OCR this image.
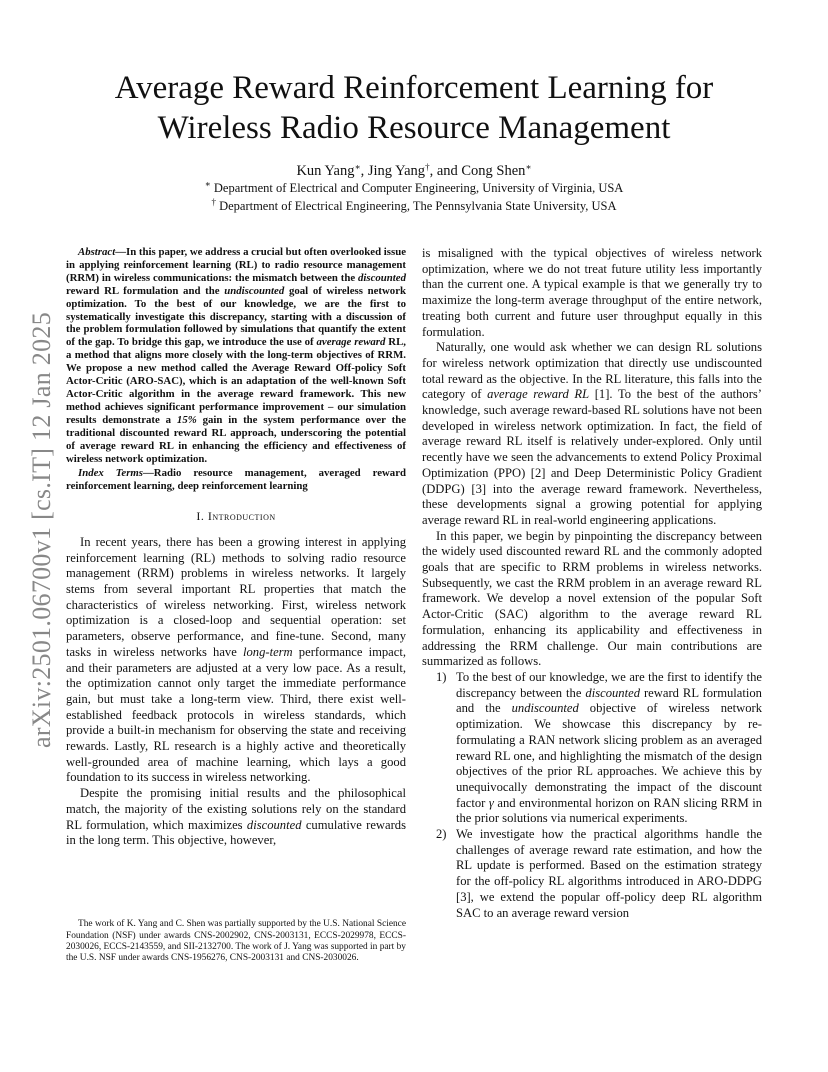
arXiv:2501.06700v1 [cs.IT] 12 Jan 2025
Average Reward Reinforcement Learning for
Wireless Radio Resource Management
Kun Yang∗, Jing Yang†, and Cong Shen∗
∗ Department of Electrical and Computer Engineering, University of Virginia, USA
† Department of Electrical Engineering, The Pennsylvania State University, USA

Abstract—In this paper, we address a crucial but often overlooked issue in applying reinforcement learning (RL) to radio resource management (RRM) in wireless communications: the mismatch between the discounted reward RL formulation and the undiscounted goal of wireless network optimization. To the best of our knowledge, we are the first to systematically investigate this discrepancy, starting with a discussion of the problem formulation followed by simulations that quantify the extent of the gap. To bridge this gap, we introduce the use of average reward RL, a method that aligns more closely with the long-term objectives of RRM. We propose a new method called the Average Reward Off-policy Soft Actor-Critic (ARO-SAC), which is an adaptation of the well-known Soft Actor-Critic algorithm in the average reward framework. This new method achieves significant performance improvement – our simulation results demonstrate a 15% gain in the system performance over the traditional discounted reward RL approach, underscoring the potential of average reward RL in enhancing the efficiency and effectiveness of wireless network optimization.

Index Terms—Radio resource management, averaged reward reinforcement learning, deep reinforcement learning

I. Introduction

In recent years, there has been a growing interest in applying reinforcement learning (RL) methods to solving radio resource management (RRM) problems in wireless networks. It largely stems from several important RL properties that match the characteristics of wireless networking. First, wireless network optimization is a closed-loop and sequential operation: set parameters, observe performance, and fine-tune. Second, many tasks in wireless networks have long-term performance impact, and their parameters are adjusted at a very low pace. As a result, the optimization cannot only target the immediate performance gain, but must take a long-term view. Third, there exist well-established feedback protocols in wireless standards, which provide a built-in mechanism for observing the state and receiving rewards. Lastly, RL research is a highly active and theoretically well-grounded area of machine learning, which lays a good foundation to its success in wireless networking.

Despite the promising initial results and the philosophical match, the majority of the existing solutions rely on the standard RL formulation, which maximizes discounted cumulative rewards in the long term. This objective, however,

is misaligned with the typical objectives of wireless network optimization, where we do not treat future utility less importantly than the current one. A typical example is that we generally try to maximize the long-term average throughput of the entire network, treating both current and future user throughput equally in this formulation.

Naturally, one would ask whether we can design RL solutions for wireless network optimization that directly use undiscounted total reward as the objective. In the RL literature, this falls into the category of average reward RL [1]. To the best of the authors’ knowledge, such average reward-based RL solutions have not been developed in wireless network optimization. In fact, the field of average reward RL itself is relatively under-explored. Only until recently have we seen the advancements to extend Policy Proximal Optimization (PPO) [2] and Deep Deterministic Policy Gradient (DDPG) [3] into the average reward framework. Nevertheless, these developments signal a growing potential for applying average reward RL in real-world engineering applications.

In this paper, we begin by pinpointing the discrepancy between the widely used discounted reward RL and the commonly adopted goals that are specific to RRM problems in wireless networks. Subsequently, we cast the RRM problem in an average reward RL framework. We develop a novel extension of the popular Soft Actor-Critic (SAC) algorithm to the average reward RL formulation, enhancing its applicability and effectiveness in addressing the RRM challenge. Our main contributions are summarized as follows.

1) To the best of our knowledge, we are the first to identify the discrepancy between the discounted reward RL formulation and the undiscounted objective of wireless network optimization. We showcase this discrepancy by re-formulating a RAN network slicing problem as an averaged reward RL one, and highlighting the mismatch of the design objectives of the prior RL approaches. We achieve this by unequivocally demonstrating the impact of the discount factor γ and environmental horizon on RAN slicing RRM in the prior solutions via numerical experiments.
2) We investigate how the practical algorithms handle the challenges of average reward rate estimation, and how the RL update is performed. Based on the estimation strategy for the off-policy RL algorithms introduced in ARO-DDPG [3], we extend the popular off-policy deep RL algorithm SAC to an average reward version

The work of K. Yang and C. Shen was partially supported by the U.S. National Science Foundation (NSF) under awards CNS-2002902, CNS-2003131, ECCS-2029978, ECCS-2030026, ECCS-2143559, and SII-2132700. The work of J. Yang was supported in part by the U.S. NSF under awards CNS-1956276, CNS-2003131 and CNS-2030026.
